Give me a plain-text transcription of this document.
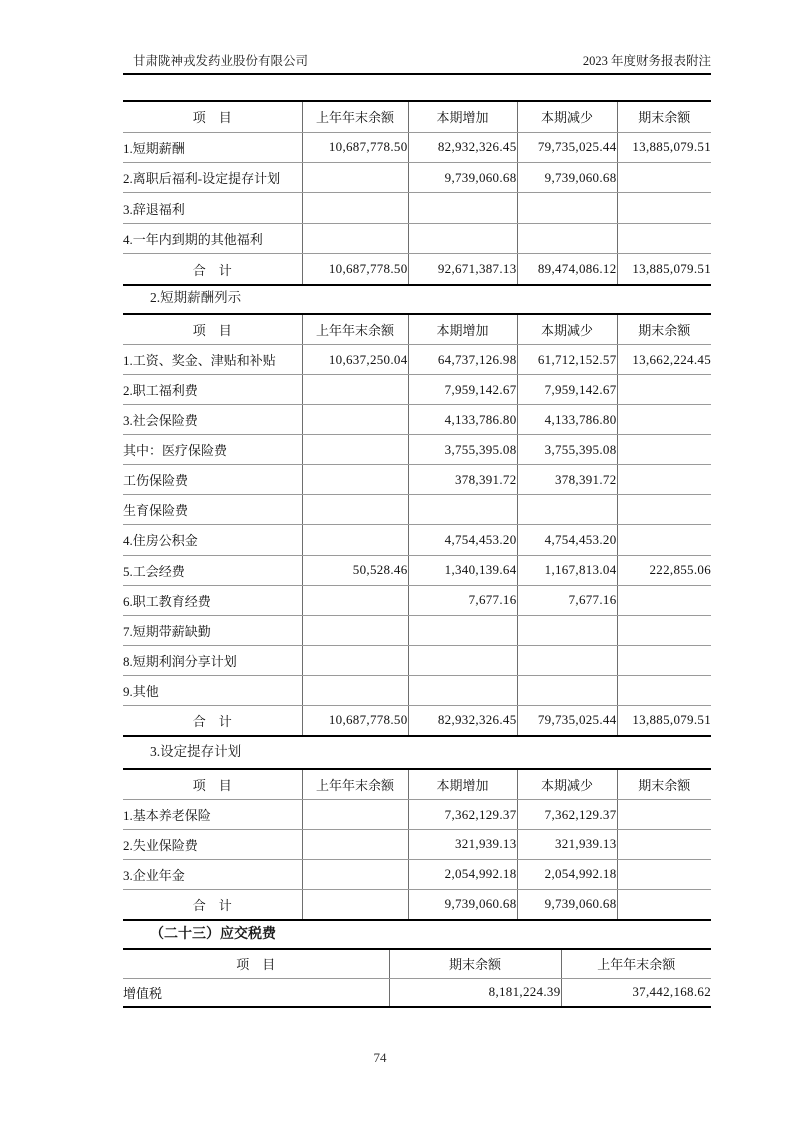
甘肃陇神戎发药业股份有限公司	2023 年度财务报表附注
项　目	上年年末余额	本期增加	本期减少	期末余额
1.短期薪酬	10,687,778.50	82,932,326.45	79,735,025.44	13,885,079.51
2.离职后福利-设定提存计划		9,739,060.68	9,739,060.68	
3.辞退福利				
4.一年内到期的其他福利				
合　计	10,687,778.50	92,671,387.13	89,474,086.12	13,885,079.51
2.短期薪酬列示
项　目	上年年末余额	本期增加	本期减少	期末余额
1.工资、奖金、津贴和补贴	10,637,250.04	64,737,126.98	61,712,152.57	13,662,224.45
2.职工福利费		7,959,142.67	7,959,142.67	
3.社会保险费		4,133,786.80	4,133,786.80	
其中：医疗保险费		3,755,395.08	3,755,395.08	
工伤保险费		378,391.72	378,391.72	
生育保险费				
4.住房公积金		4,754,453.20	4,754,453.20	
5.工会经费	50,528.46	1,340,139.64	1,167,813.04	222,855.06
6.职工教育经费		7,677.16	7,677.16	
7.短期带薪缺勤				
8.短期利润分享计划				
9.其他				
合　计	10,687,778.50	82,932,326.45	79,735,025.44	13,885,079.51
3.设定提存计划
项　目	上年年末余额	本期增加	本期减少	期末余额
1.基本养老保险		7,362,129.37	7,362,129.37	
2.失业保险费		321,939.13	321,939.13	
3.企业年金		2,054,992.18	2,054,992.18	
合　计		9,739,060.68	9,739,060.68	
（二十三）应交税费
项　目	期末余额	上年年末余额
增值税	8,181,224.39	37,442,168.62
74
